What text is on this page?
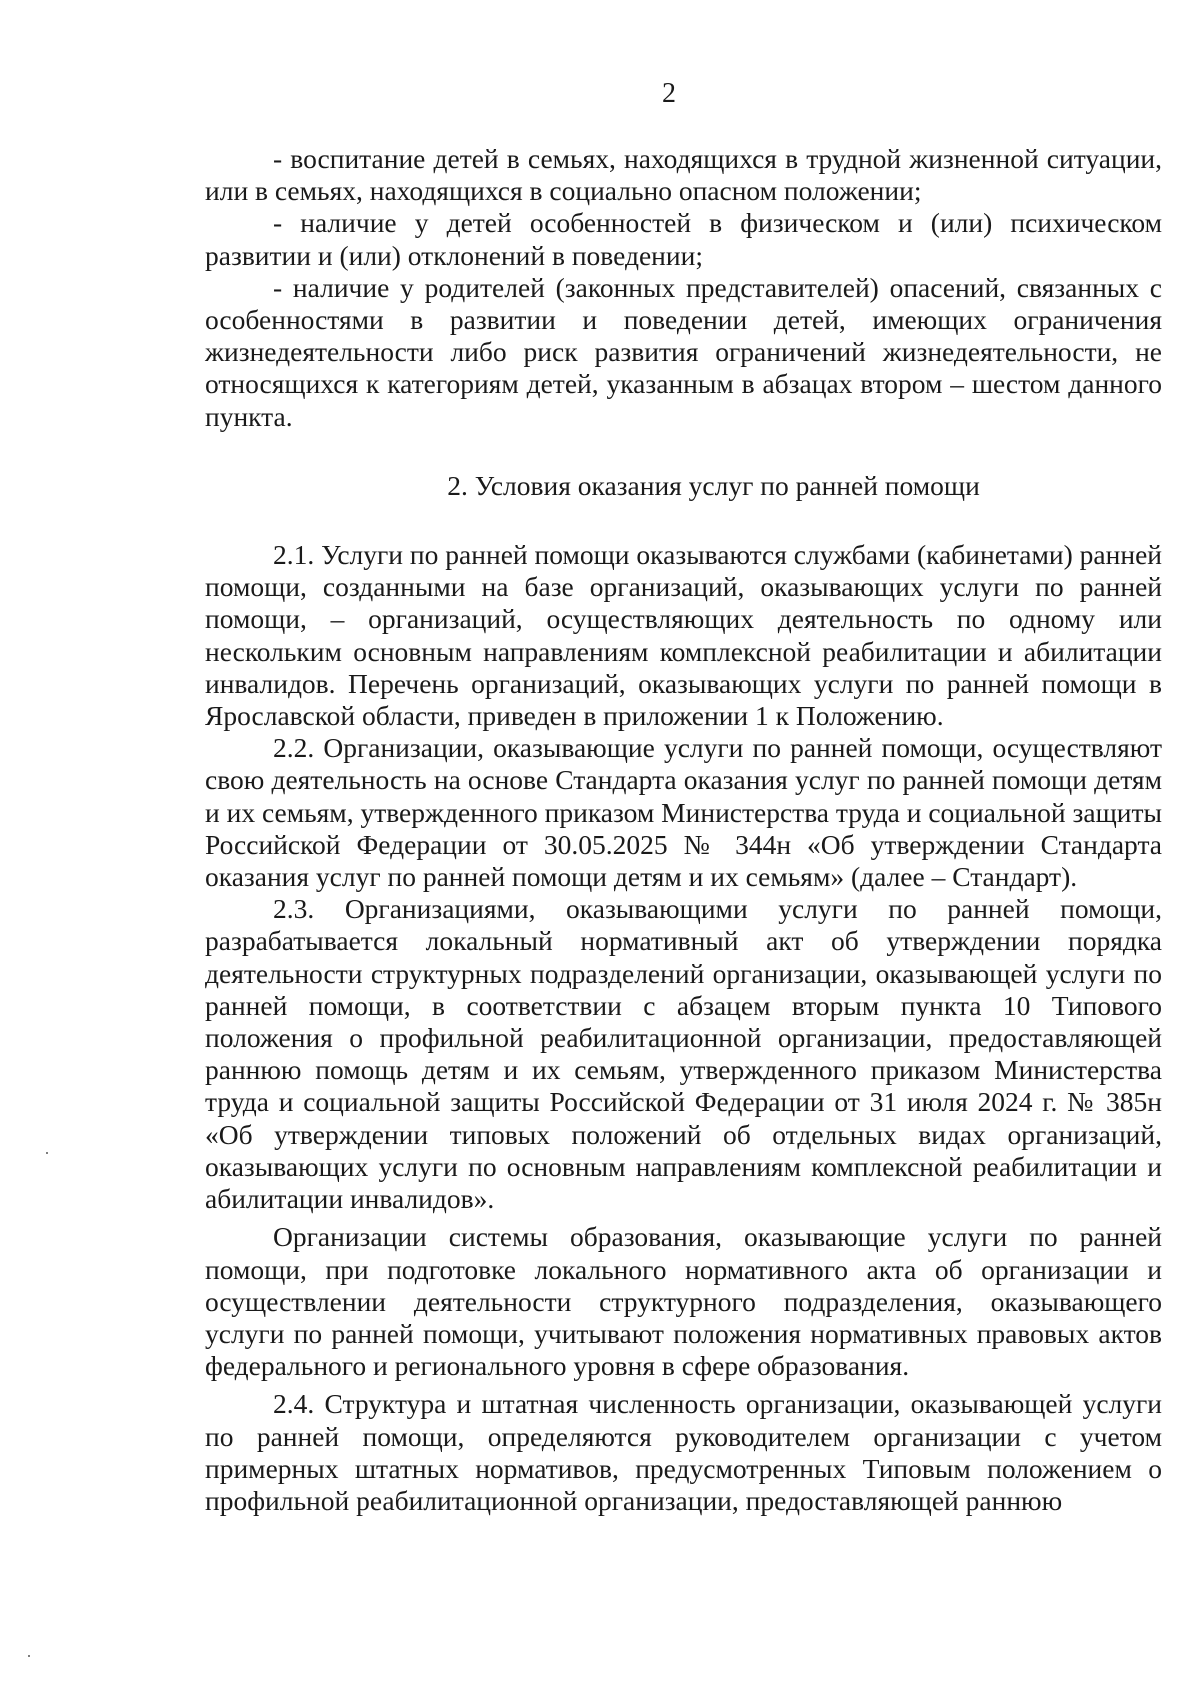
2

- воспитание детей в семьях, находящихся в трудной жизненной ситуации, или в семьях, находящихся в социально опасном положении;

- наличие у детей особенностей в физическом и (или) психическом развитии и (или) отклонений в поведении;

- наличие у родителей (законных представителей) опасений, связанных с особенностями в развитии и поведении детей, имеющих ограничения жизнедеятельности либо риск развития ограничений жизнедеятельности, не относящихся к категориям детей, указанным в абзацах втором – шестом данного пункта.

2. Условия оказания услуг по ранней помощи

2.1. Услуги по ранней помощи оказываются службами (кабинетами) ранней помощи, созданными на базе организаций, оказывающих услуги по ранней помощи, – организаций, осуществляющих деятельность по одному или нескольким основным направлениям комплексной реабилитации и абилитации инвалидов. Перечень организаций, оказывающих услуги по ранней помощи в Ярославской области, приведен в приложении 1 к Положению.

2.2. Организации, оказывающие услуги по ранней помощи, осуществляют свою деятельность на основе Стандарта оказания услуг по ранней помощи детям и их семьям, утвержденного приказом Министерства труда и социальной защиты Российской Федерации от 30.05.2025 № 344н «Об утверждении Стандарта оказания услуг по ранней помощи детям и их семьям» (далее – Стандарт).

2.3. Организациями, оказывающими услуги по ранней помощи, разрабатывается локальный нормативный акт об утверждении порядка деятельности структурных подразделений организации, оказывающей услуги по ранней помощи, в соответствии с абзацем вторым пункта 10 Типового положения о профильной реабилитационной организации, предоставляющей раннюю помощь детям и их семьям, утвержденного приказом Министерства труда и социальной защиты Российской Федерации от 31 июля 2024 г. № 385н «Об утверждении типовых положений об отдельных видах организаций, оказывающих услуги по основным направлениям комплексной реабилитации и абилитации инвалидов».

Организации системы образования, оказывающие услуги по ранней помощи, при подготовке локального нормативного акта об организации и осуществлении деятельности структурного подразделения, оказывающего услуги по ранней помощи, учитывают положения нормативных правовых актов федерального и регионального уровня в сфере образования.

2.4. Структура и штатная численность организации, оказывающей услуги по ранней помощи, определяются руководителем организации с учетом примерных штатных нормативов, предусмотренных Типовым положением о профильной реабилитационной организации, предоставляющей раннюю
